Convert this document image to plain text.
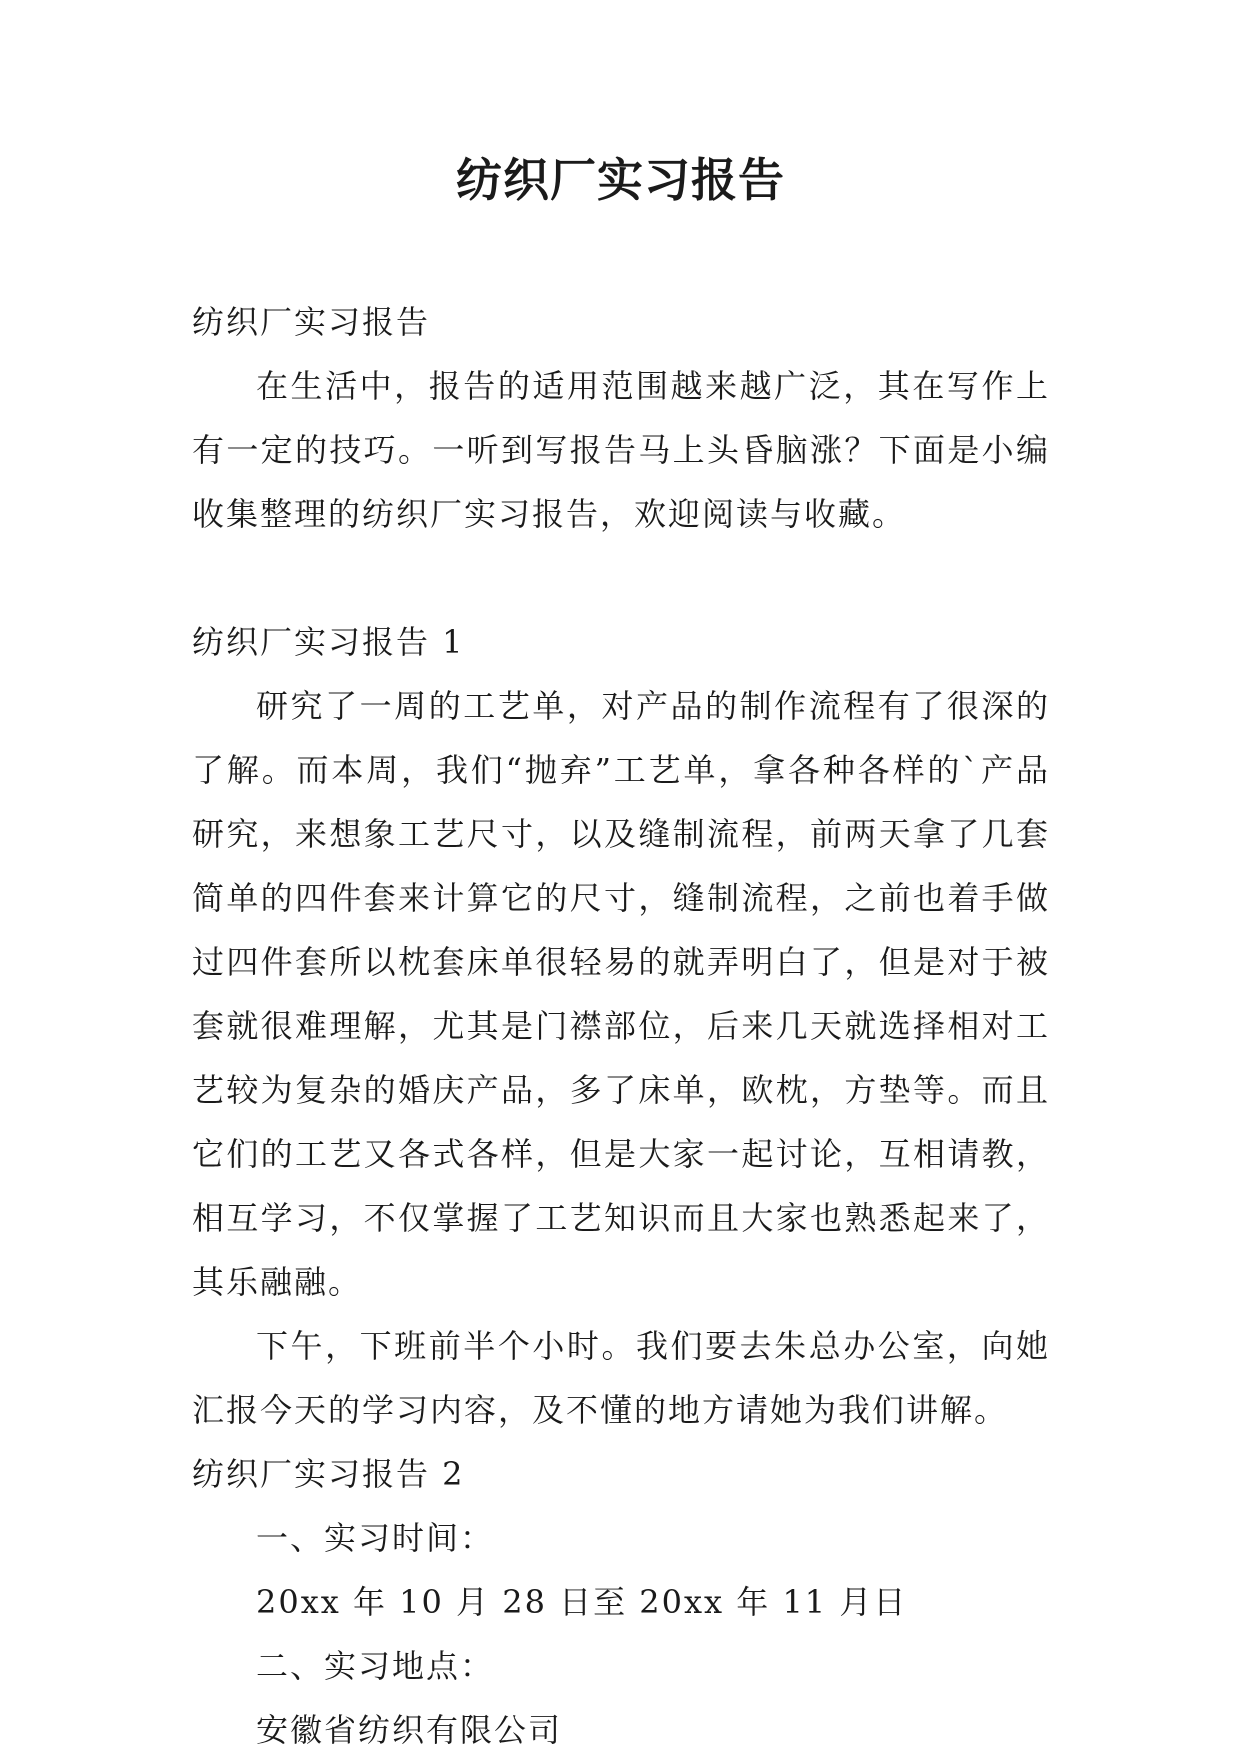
纺织厂实习报告

纺织厂实习报告

在生活中，报告的适用范围越来越广泛，其在写作上有一定的技巧。一听到写报告马上头昏脑涨？下面是小编收集整理的纺织厂实习报告，欢迎阅读与收藏。

纺织厂实习报告 1

研究了一周的工艺单，对产品的制作流程有了很深的了解。而本周，我们“抛弃”工艺单，拿各种各样的`产品研究，来想象工艺尺寸，以及缝制流程，前两天拿了几套简单的四件套来计算它的尺寸，缝制流程，之前也着手做过四件套所以枕套床单很轻易的就弄明白了，但是对于被套就很难理解，尤其是门襟部位，后来几天就选择相对工艺较为复杂的婚庆产品，多了床单，欧枕，方垫等。而且它们的工艺又各式各样，但是大家一起讨论，互相请教，相互学习，不仅掌握了工艺知识而且大家也熟悉起来了，其乐融融。

下午，下班前半个小时。我们要去朱总办公室，向她汇报今天的学习内容，及不懂的地方请她为我们讲解。

纺织厂实习报告 2

一、实习时间：

20xx 年 10 月 28 日至 20xx 年 11 月日

二、实习地点：

安徽省纺织有限公司
